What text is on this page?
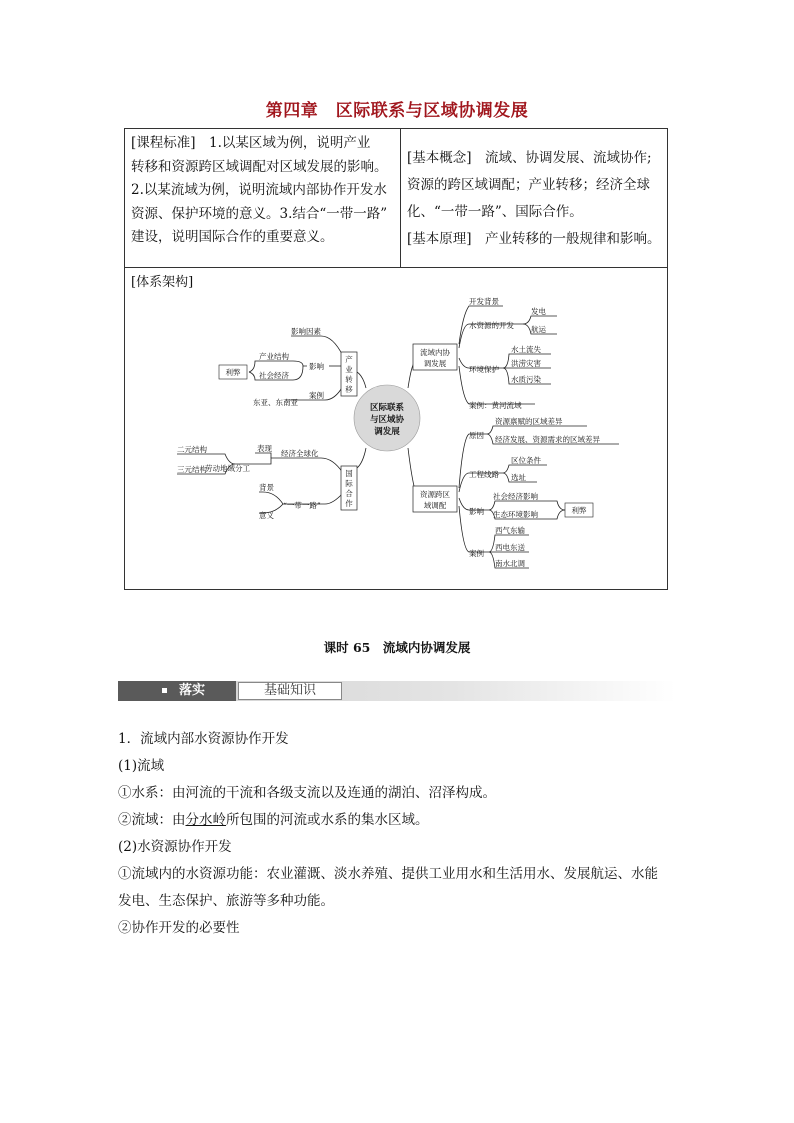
第四章　区际联系与区域协调发展
[课程标准]　1.以某区域为例，说明产业
转移和资源跨区域调配对区域发展的影响。
2.以某流域为例，说明流域内部协作开发水
资源、保护环境的意义。3.结合“一带一路”
建设，说明国际合作的重要意义。
[基本概念]　流域、协调发展、流域协作;
资源的跨区域调配；产业转移；经济全球
化、“一带一路”、国际合作。
[基本原理]　产业转移的一般规律和影响。
[体系架构]
区际联系
与区域协
调发展
产
业
转
移
影响因素
影响
案例
产业结构
社会经济
利弊
东亚、东南亚
国
际
合
作
经济全球化
劳动地域分工
表现
二元结构
三元结构
“一带一路”
背景
意义
流域内协
调发展
开发背景
水资源的开发
环境保护
案例：黄河流域
发电
航运
水土流失
洪涝灾害
水质污染
资源跨区
域调配
原因
工程线路
影响
案例
资源禀赋的区域差异
经济发展、资源需求的区域差异
区位条件
选址
社会经济影响
生态环境影响	利弊
西气东输
西电东送
南水北调
课时 65　流域内协调发展
落实	基础知识

1．流域内部水资源协作开发

(1)流域

①水系：由河流的干流和各级支流以及连通的湖泊、沼泽构成。

②流域：由分水岭所包围的河流或水系的集水区域。

(2)水资源协作开发

①流域内的水资源功能：农业灌溉、淡水养殖、提供工业用水和生活用水、发展航运、水能

发电、生态保护、旅游等多种功能。

②协作开发的必要性
